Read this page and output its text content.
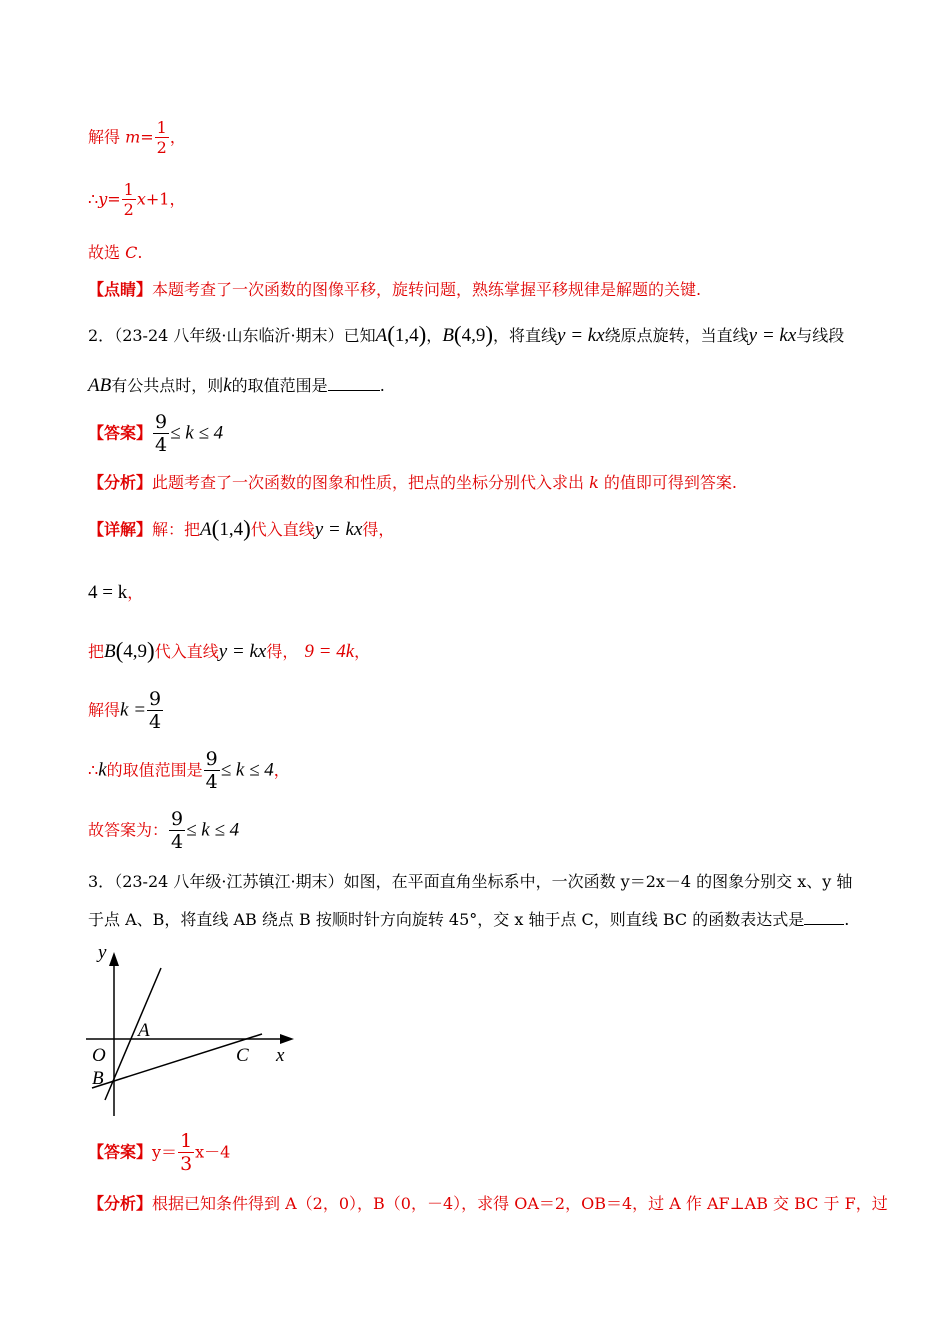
解得 $m= \frac{1}{2}$ ，
∴y= $\frac{1}{2} x+1$，
故选 C.
【点睛】本题考查了一次函数的图像平移，旋转问题，熟练掌握平移规律是解题的关键.
2．（23-24 八年级·山东临沂·期末）已知A(1,4)，B(4,9)，将直线y = kx绕原点旋转，当直线y = kx与线段
AB有公共点时，则k的取值范围是	.
【答案】 $\frac{9}{4} \le k \le 4$
【分析】此题考查了一次函数的图象和性质，把点的坐标分别代入求出 k 的值即可得到答案.
【详解】解：把A(1,4)代入直线y = kx得，
4 = k，
把B(4,9)代入直线y = kx得， 9 = 4k，
解得$k = \frac{9}{4}$
∴k的取值范围是 $\frac{9}{4} \le k \le 4$，
故答案为： $\frac{9}{4} \le k \le 4$
3．（23-24 八年级·江苏镇江·期末）如图，在平面直角坐标系中，一次函数 y＝2x－4 的图象分别交 x、y 轴
于点 A、B，将直线 AB 绕点 B 按顺时针方向旋转 45°，交 x 轴于点 C，则直线 BC 的函数表达式是	.
y
x
O
A
B
C
【答案】$y= \frac{1}{3} x-4$
【分析】根据已知条件得到 A（2，0），B（0，－4），求得 OA＝2，OB＝4，过 A 作 AF⊥AB 交 BC 于 F，过
